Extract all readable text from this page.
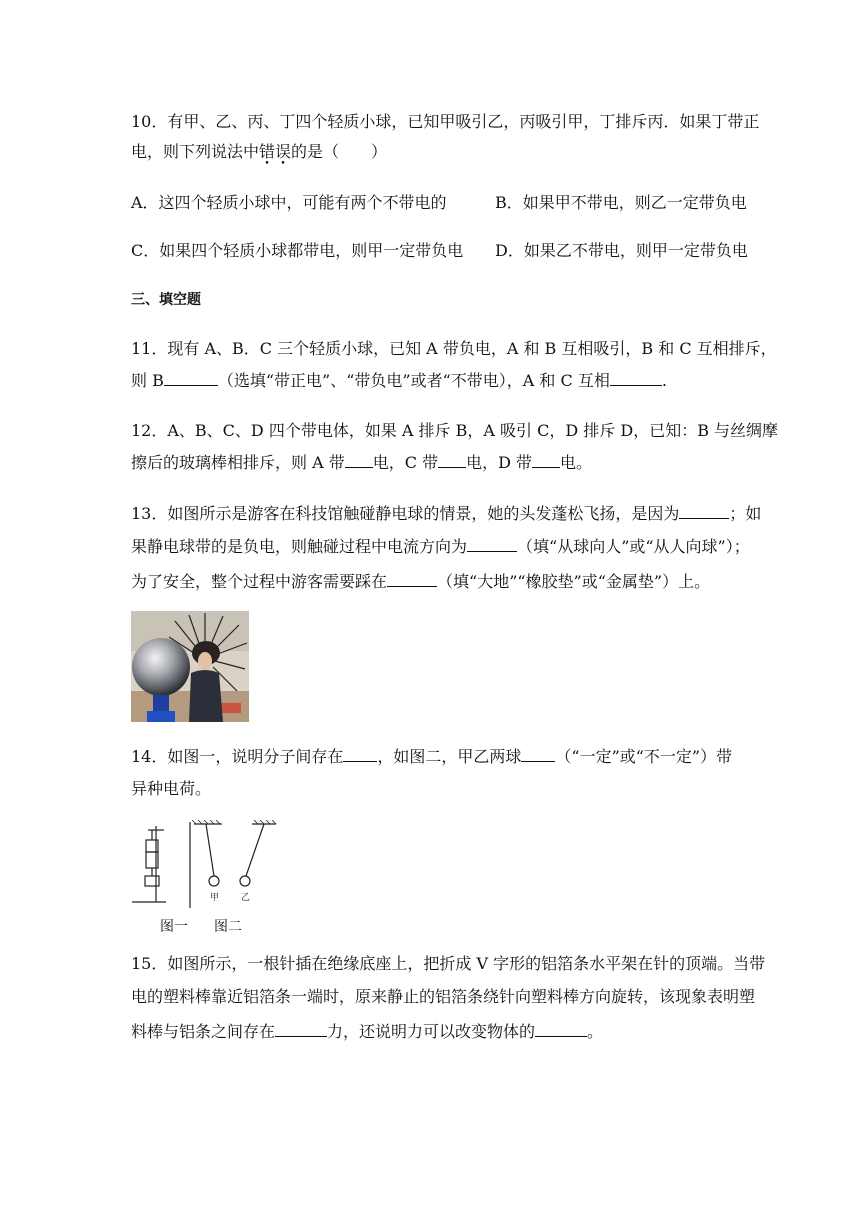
10．有甲、乙、丙、丁四个轻质小球，已知甲吸引乙，丙吸引甲，丁排斥丙．如果丁带正
电，则下列说法中错误的是（　　）
A．这四个轻质小球中，可能有两个不带电的	B．如果甲不带电，则乙一定带负电
C．如果四个轻质小球都带电，则甲一定带负电 D．如果乙不带电，则甲一定带负电
三、填空题
11．现有 A、B．C 三个轻质小球，已知 A 带负电，A 和 B 互相吸引，B 和 C 互相排斥，
则 B	（选填“带正电”、“带负电”或者“不带电），A 和 C 互相	.
12．A、B、C、D 四个带电体，如果 A 排斥 B，A 吸引 C，D 排斥 D，已知：B 与丝绸摩
擦后的玻璃棒相排斥，则 A 带 电，C 带 电，D 带 电。
13．如图所示是游客在科技馆触碰静电球的情景，她的头发蓬松飞扬，是因为	；如
果静电球带的是负电，则触碰过程中电流方向为	（填“从球向人”或“从人向球”）；
为了安全，整个过程中游客需要踩在	（填“大地”“橡胶垫”或“金属垫”）上。
14．如图一，说明分子间存在 ，如图二，甲乙两球 （“一定”或“不一定”）带
异种电荷。
甲 乙
图一 图二
15．如图所示，一根针插在绝缘底座上，把折成 V 字形的铝箔条水平架在针的顶端。当带
电的塑料棒靠近铝箔条一端时，原来静止的铝箔条绕针向塑料棒方向旋转，该现象表明塑
料棒与铝条之间存在	力，还说明力可以改变物体的	。
